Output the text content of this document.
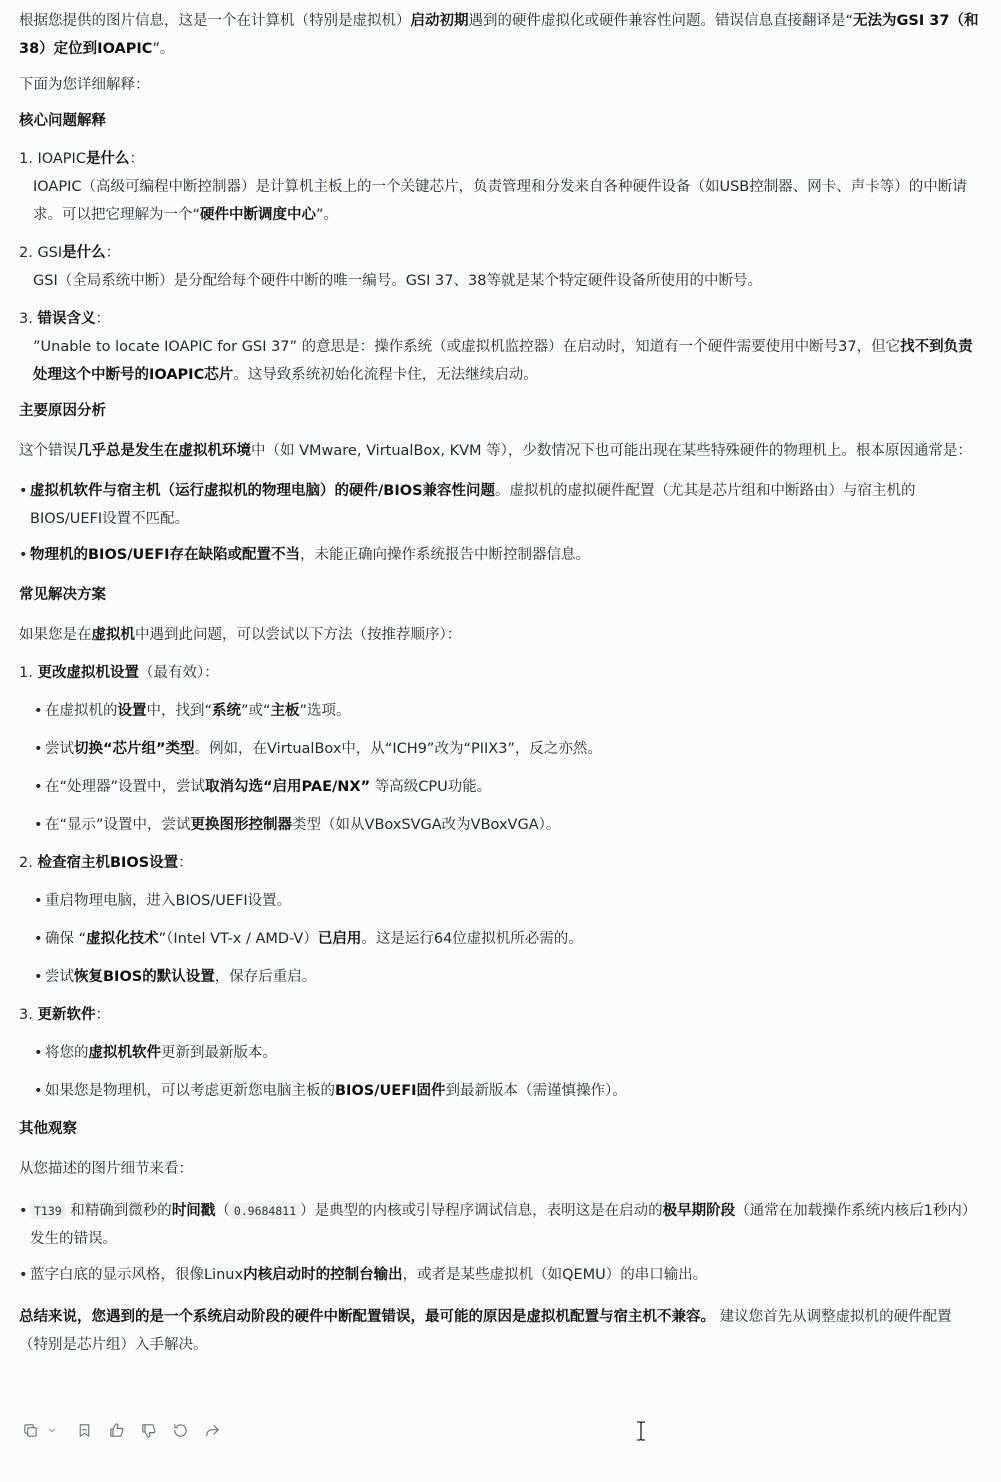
根据您提供的图片信息，这是一个在计算机（特别是虚拟机）启动初期遇到的硬件虚拟化或硬件兼容性问题。错误信息直接翻译是“无法为GSI 37（和38）定位到IOAPIC”。

下面为您详细解释：

核心问题解释

1. IOAPIC是什么：

IOAPIC（高级可编程中断控制器）是计算机主板上的一个关键芯片，负责管理和分发来自各种硬件设备（如USB控制器、网卡、声卡等）的中断请求。可以把它理解为一个“硬件中断调度中心”。

2. GSI是什么：

GSI（全局系统中断）是分配给每个硬件中断的唯一编号。GSI 37、38等就是某个特定硬件设备所使用的中断号。

3. 错误含义：

”Unable to locate IOAPIC for GSI 37” 的意思是：操作系统（或虚拟机监控器）在启动时，知道有一个硬件需要使用中断号37，但它找不到负责处理这个中断号的IOAPIC芯片。这导致系统初始化流程卡住，无法继续启动。

主要原因分析

这个错误几乎总是发生在虚拟机环境中（如 VMware, VirtualBox, KVM 等），少数情况下也可能出现在某些特殊硬件的物理机上。根本原因通常是：

• 虚拟机软件与宿主机（运行虚拟机的物理电脑）的硬件/BIOS兼容性问题。虚拟机的虚拟硬件配置（尤其是芯片组和中断路由）与宿主机的BIOS/UEFI设置不匹配。

• 物理机的BIOS/UEFI存在缺陷或配置不当，未能正确向操作系统报告中断控制器信息。

常见解决方案

如果您是在虚拟机中遇到此问题，可以尝试以下方法（按推荐顺序）：

1. 更改虚拟机设置（最有效）：

• 在虚拟机的设置中，找到“系统”或“主板”选项。

• 尝试切换“芯片组”类型。例如，在VirtualBox中，从“ICH9”改为“PIIX3”，反之亦然。

• 在“处理器”设置中，尝试取消勾选“启用PAE/NX” 等高级CPU功能。

• 在“显示”设置中，尝试更换图形控制器类型（如从VBoxSVGA改为VBoxVGA）。

2. 检查宿主机BIOS设置：

• 重启物理电脑，进入BIOS/UEFI设置。

• 确保 “虚拟化技术”（Intel VT-x / AMD-V）已启用。这是运行64位虚拟机所必需的。

• 尝试恢复BIOS的默认设置，保存后重启。

3. 更新软件：

• 将您的虚拟机软件更新到最新版本。

• 如果您是物理机，可以考虑更新您电脑主板的BIOS/UEFI固件到最新版本（需谨慎操作）。

其他观察

从您描述的图片细节来看：

• T139 和精确到微秒的时间戳（ 0.9684811 ）是典型的内核或引导程序调试信息，表明这是在启动的极早期阶段（通常在加载操作系统内核后1秒内）发生的错误。

• 蓝字白底的显示风格，很像Linux内核启动时的控制台输出，或者是某些虚拟机（如QEMU）的串口输出。

总结来说，您遇到的是一个系统启动阶段的硬件中断配置错误，最可能的原因是虚拟机配置与宿主机不兼容。 建议您首先从调整虚拟机的硬件配置（特别是芯片组）入手解决。
